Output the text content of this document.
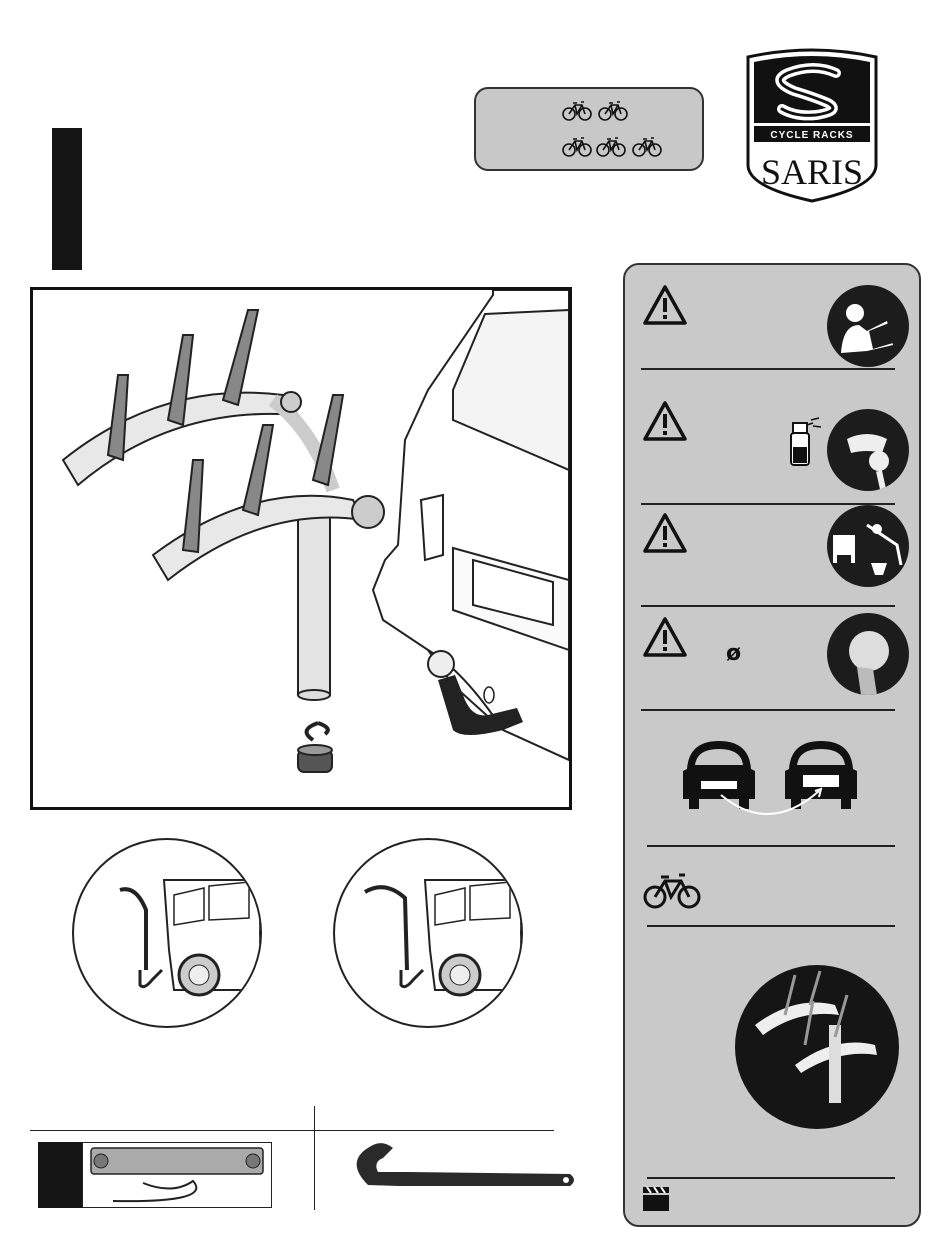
CYCLE RACKS
SARIS
ø
